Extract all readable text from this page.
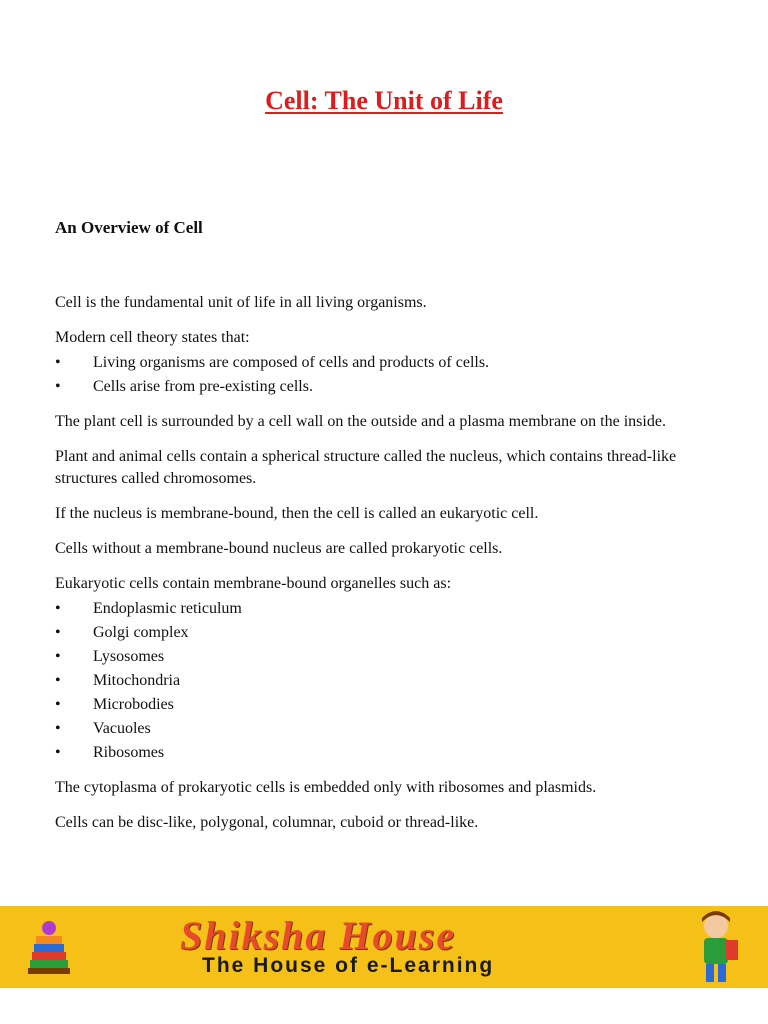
Cell: The Unit of Life
An Overview of Cell

Cell is the fundamental unit of life in all living organisms.

Modern cell theory states that:

• Living organisms are composed of cells and products of cells.
• Cells arise from pre-existing cells.

The plant cell is surrounded by a cell wall on the outside and a plasma membrane on the inside.

Plant and animal cells contain a spherical structure called the nucleus, which contains thread-like structures called chromosomes.

If the nucleus is membrane-bound, then the cell is called an eukaryotic cell.

Cells without a membrane-bound nucleus are called prokaryotic cells.

Eukaryotic cells contain membrane-bound organelles such as:

• Endoplasmic reticulum
• Golgi complex
• Lysosomes
• Mitochondria
• Microbodies
• Vacuoles
• Ribosomes

The cytoplasma of prokaryotic cells is embedded only with ribosomes and plasmids.

Cells can be disc-like, polygonal, columnar, cuboid or thread-like.

Shiksha House
The House of e-Learning
